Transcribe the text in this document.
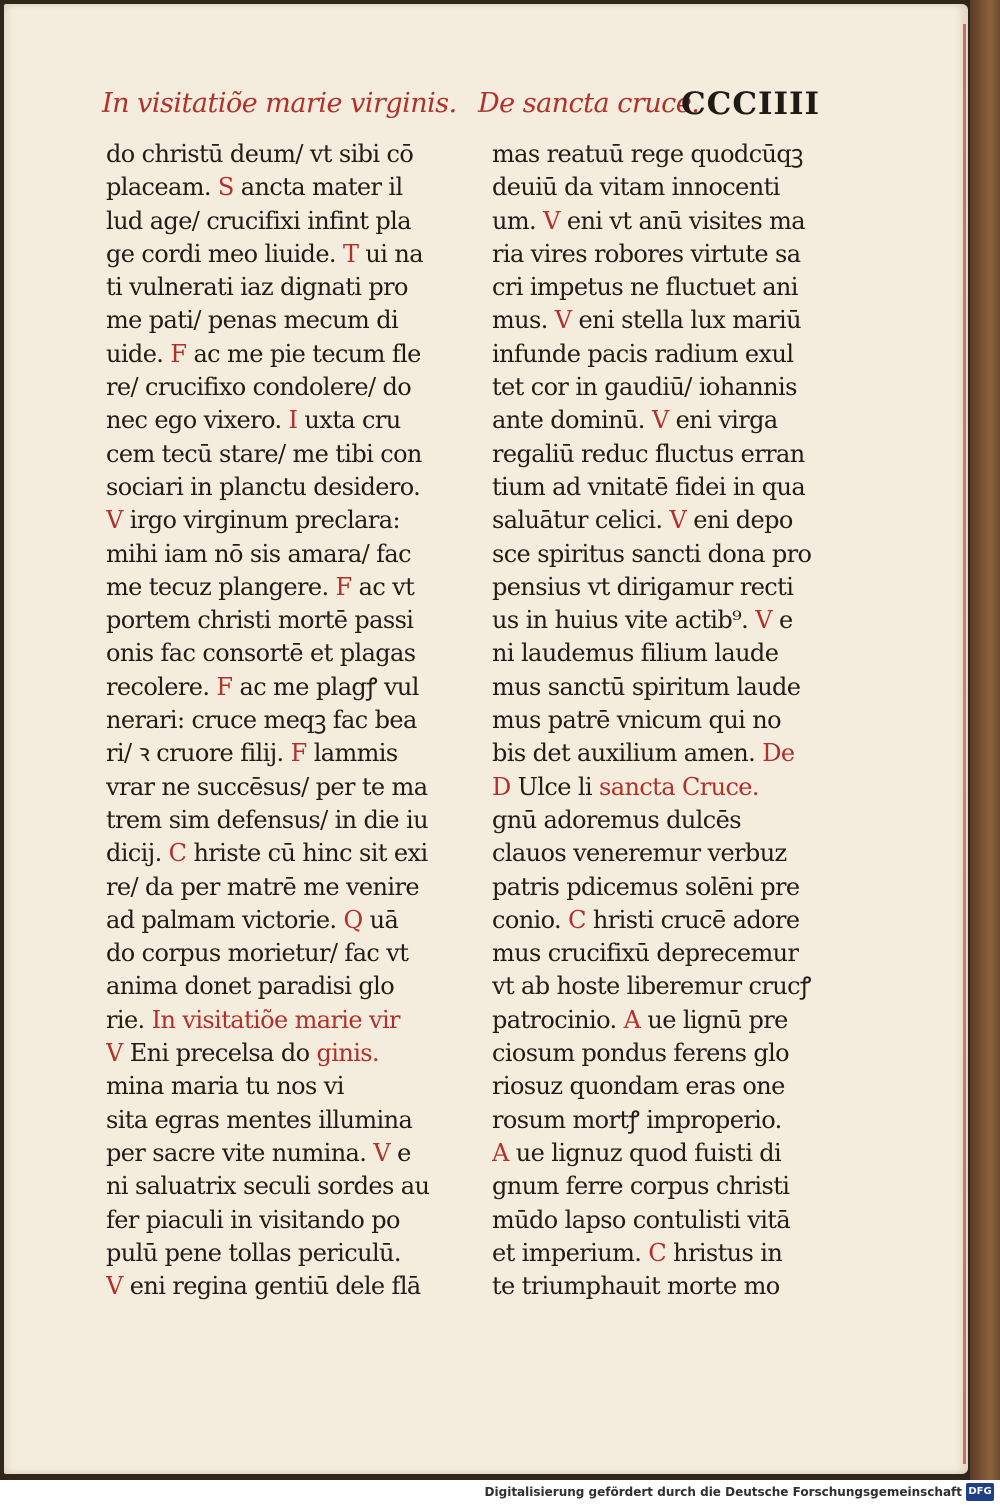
In visitatiõe marie virginis. De sancta cruce.
CCCIIII
do christū deum/ vt sibi cō
placeam. S ancta mater il
lud age/ crucifixi infint pla
ge cordi meo liuide. T ui na
ti vulnerati iaz dignati pro
me pati/ penas mecum di
uide. F ac me pie tecum fle
re/ crucifixo condolere/ do
nec ego vixero. I uxta cru
cem tecū stare/ me tibi con
sociari in planctu desidero.
V irgo virginum preclara:
mihi iam nō sis amara/ fac
me tecuz plangere. F ac vt
portem christi mortē passi
onis fac consortē et plagas
recolere. F ac me plagꝭ vul
nerari: cruce meqꝫ fac bea
ri/ ꝛ cruore filij. F lammis
vrar ne succēsus/ per te ma
trem sim defensus/ in die iu
dicij. C hriste cū hinc sit exi
re/ da per matrē me venire
ad palmam victorie. Q uā
do corpus morietur/ fac vt
anima donet paradisi glo
rie. In visitatiõe marie vir
V Eni precelsa do ginis.
mina maria tu nos vi
sita egras mentes illumina
per sacre vite numina. V e
ni saluatrix seculi sordes au
fer piaculi in visitando po
pulū pene tollas periculū.
V eni regina gentiū dele flā
mas reatuū rege quodcūqꝫ
deuiū da vitam innocenti
um. V eni vt anū visites ma
ria vires robores virtute sa
cri impetus ne fluctuet ani
mus. V eni stella lux mariū
infunde pacis radium exul
tet cor in gaudiū/ iohannis
ante dominū. V eni virga
regaliū reduc fluctus erran
tium ad vnitatē fidei in qua
saluātur celici. V eni depo
sce spiritus sancti dona pro
pensius vt dirigamur recti
us in huius vite actib⁹. V e
ni laudemus filium laude
mus sanctū spiritum laude
mus patrē vnicum qui no
bis det auxilium amen. De
D Ulce li sancta Cruce.
gnū adoremus dulcēs
clauos veneremur verbuz
patris pdicemus solēni pre
conio. C hristi crucē adore
mus crucifixū deprecemur
vt ab hoste liberemur crucꝭ
patrocinio. A ue lignū pre
ciosum pondus ferens glo
riosuz quondam eras one
rosum mortꝭ improperio.
A ue lignuz quod fuisti di
gnum ferre corpus christi
mūdo lapso contulisti vitā
et imperium. C hristus in
te triumphauit morte mo
Digitalisierung gefördert durch die Deutsche Forschungsgemeinschaft DFG
